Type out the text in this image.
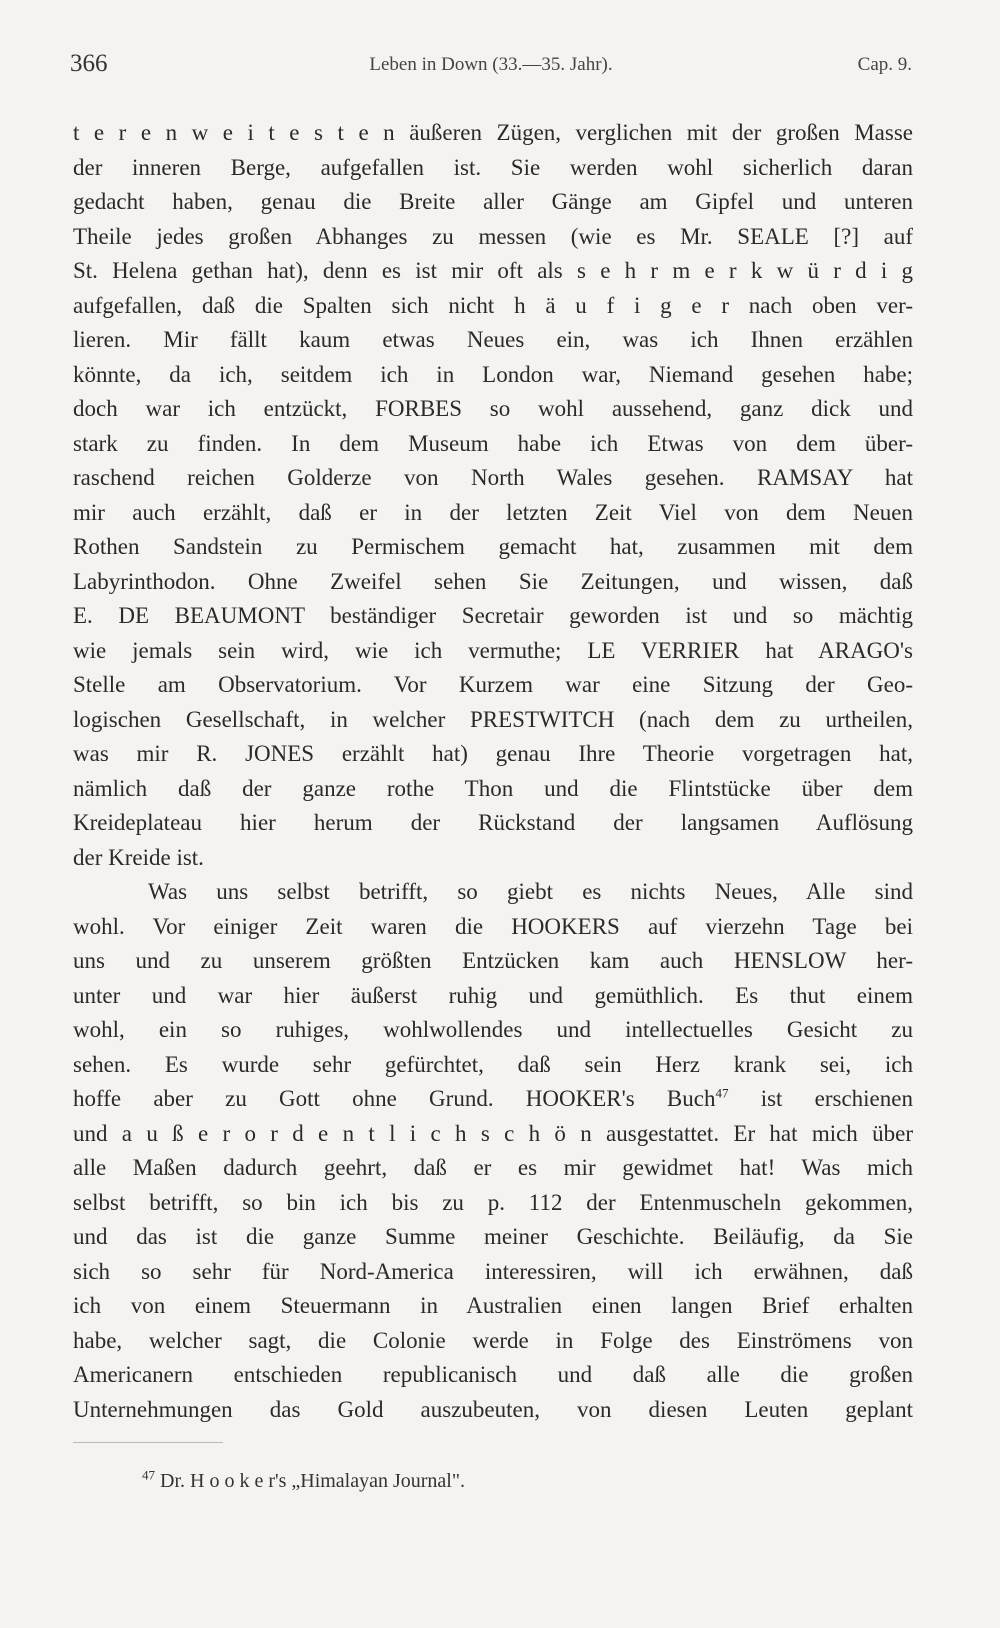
366	Leben in Down (33.—35. Jahr).	Cap. 9.
t e r e n w e i t e s t e n äußeren Zügen, verglichen mit der großen Masse
der inneren Berge, aufgefallen ist. Sie werden wohl sicherlich daran
gedacht haben, genau die Breite aller Gänge am Gipfel und unteren
Theile jedes großen Abhanges zu messen (wie es Mr. SEALE [?] auf
St. Helena gethan hat), denn es ist mir oft als s e h r m e r k w ü r d i g
aufgefallen, daß die Spalten sich nicht h ä u f i g e r nach oben ver-
lieren. Mir fällt kaum etwas Neues ein, was ich Ihnen erzählen
könnte, da ich, seitdem ich in London war, Niemand gesehen habe;
doch war ich entzückt, FORBES so wohl aussehend, ganz dick und
stark zu finden. In dem Museum habe ich Etwas von dem über-
raschend reichen Golderze von North Wales gesehen. RAMSAY hat
mir auch erzählt, daß er in der letzten Zeit Viel von dem Neuen
Rothen Sandstein zu Permischem gemacht hat, zusammen mit dem
Labyrinthodon. Ohne Zweifel sehen Sie Zeitungen, und wissen, daß
E. DE BEAUMONT beständiger Secretair geworden ist und so mächtig
wie jemals sein wird, wie ich vermuthe; LE VERRIER hat ARAGO's
Stelle am Observatorium. Vor Kurzem war eine Sitzung der Geo-
logischen Gesellschaft, in welcher PRESTWITCH (nach dem zu urtheilen,
was mir R. JONES erzählt hat) genau Ihre Theorie vorgetragen hat,
nämlich daß der ganze rothe Thon und die Flintstücke über dem
Kreideplateau hier herum der Rückstand der langsamen Auflösung
der Kreide ist.
Was uns selbst betrifft, so giebt es nichts Neues, Alle sind
wohl. Vor einiger Zeit waren die HOOKERS auf vierzehn Tage bei
uns und zu unserem größten Entzücken kam auch HENSLOW her-
unter und war hier äußerst ruhig und gemüthlich. Es thut einem
wohl, ein so ruhiges, wohlwollendes und intellectuelles Gesicht zu
sehen. Es wurde sehr gefürchtet, daß sein Herz krank sei, ich
hoffe aber zu Gott ohne Grund. HOOKER's Buch$^{47}$ ist erschienen
und a u ß e r o r d e n t l i c h s c h ö n ausgestattet. Er hat mich über
alle Maßen dadurch geehrt, daß er es mir gewidmet hat! Was mich
selbst betrifft, so bin ich bis zu p. 112 der Entenmuscheln gekommen,
und das ist die ganze Summe meiner Geschichte. Beiläufig, da Sie
sich so sehr für Nord-America interessiren, will ich erwähnen, daß
ich von einem Steuermann in Australien einen langen Brief erhalten
habe, welcher sagt, die Colonie werde in Folge des Einströmens von
Americanern entschieden republicanisch und daß alle die großen
Unternehmungen das Gold auszubeuten, von diesen Leuten geplant
$^{47}$ Dr. H o o k e r's „Himalayan Journal".
